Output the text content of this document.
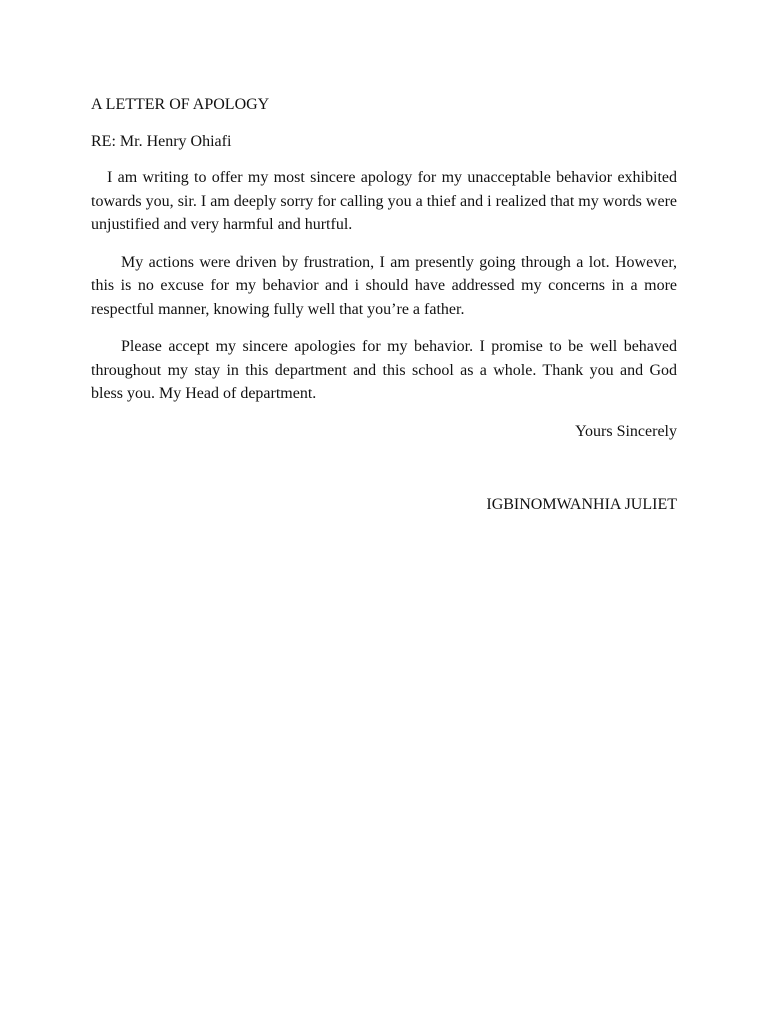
A LETTER OF APOLOGY

RE: Mr. Henry Ohiafi

I am writing to offer my most sincere apology for my unacceptable behavior exhibited towards you, sir. I am deeply sorry for calling you a thief and i realized that my words were unjustified and very harmful and hurtful.

My actions were driven by frustration, I am presently going through a lot. However, this is no excuse for my behavior and i should have addressed my concerns in a more respectful manner, knowing fully well that you’re a father.

Please accept my sincere apologies for my behavior. I promise to be well behaved throughout my stay in this department and this school as a whole. Thank you and God bless you. My Head of department.

Yours Sincerely

IGBINOMWANHIA JULIET
